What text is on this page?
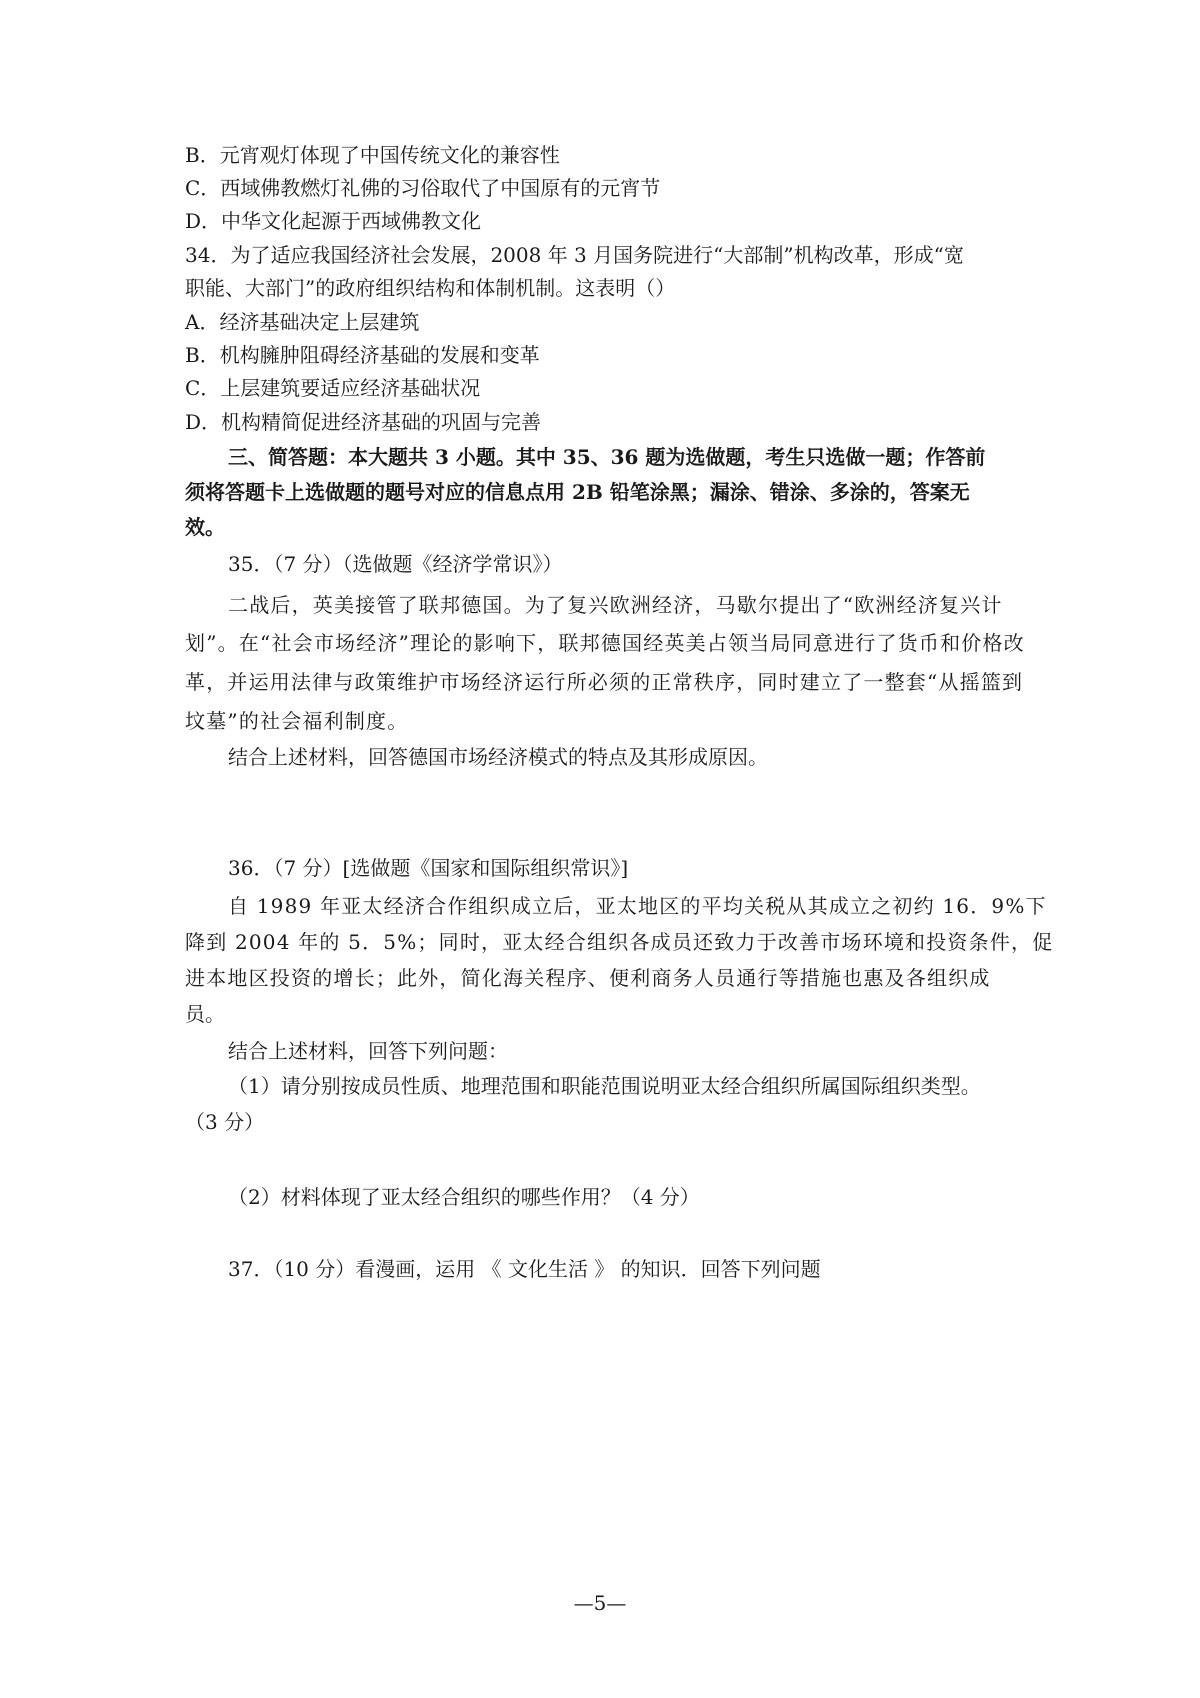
B．元宵观灯体现了中国传统文化的兼容性
C．西域佛教燃灯礼佛的习俗取代了中国原有的元宵节
D．中华文化起源于西域佛教文化
34．为了适应我国经济社会发展，2008 年 3 月国务院进行“大部制”机构改革，形成“宽
职能、大部门”的政府组织结构和体制机制。这表明（）
A．经济基础决定上层建筑
B．机构臃肿阻碍经济基础的发展和变革
C．上层建筑要适应经济基础状况
D．机构精简促进经济基础的巩固与完善
三、简答题：本大题共 3 小题。其中 35、36 题为选做题，考生只选做一题；作答前
须将答题卡上选做题的题号对应的信息点用 2B 铅笔涂黑；漏涂、错涂、多涂的，答案无
效。
35．（7 分）（选做题《经济学常识》）
二战后，英美接管了联邦德国。为了复兴欧洲经济，马歇尔提出了“欧洲经济复兴计
划”。在“社会市场经济”理论的影响下，联邦德国经英美占领当局同意进行了货币和价格改
革，并运用法律与政策维护市场经济运行所必须的正常秩序，同时建立了一整套“从摇篮到
坟墓”的社会福利制度。
结合上述材料，回答德国市场经济模式的特点及其形成原因。
36．（7 分）[选做题《国家和国际组织常识》]
自 1989 年亚太经济合作组织成立后，亚太地区的平均关税从其成立之初约 16．9%下
降到 2004 年的 5．5%；同时，亚太经合组织各成员还致力于改善市场环境和投资条件，促
进本地区投资的增长；此外，简化海关程序、便利商务人员通行等措施也惠及各组织成
员。
结合上述材料，回答下列问题：
（1）请分别按成员性质、地理范围和职能范围说明亚太经合组织所属国际组织类型。
（3 分）
（2）材料体现了亚太经合组织的哪些作用？（4 分）
37．（10 分）看漫画，运用 《 文化生活 》 的知识．回答下列问题
—5—
